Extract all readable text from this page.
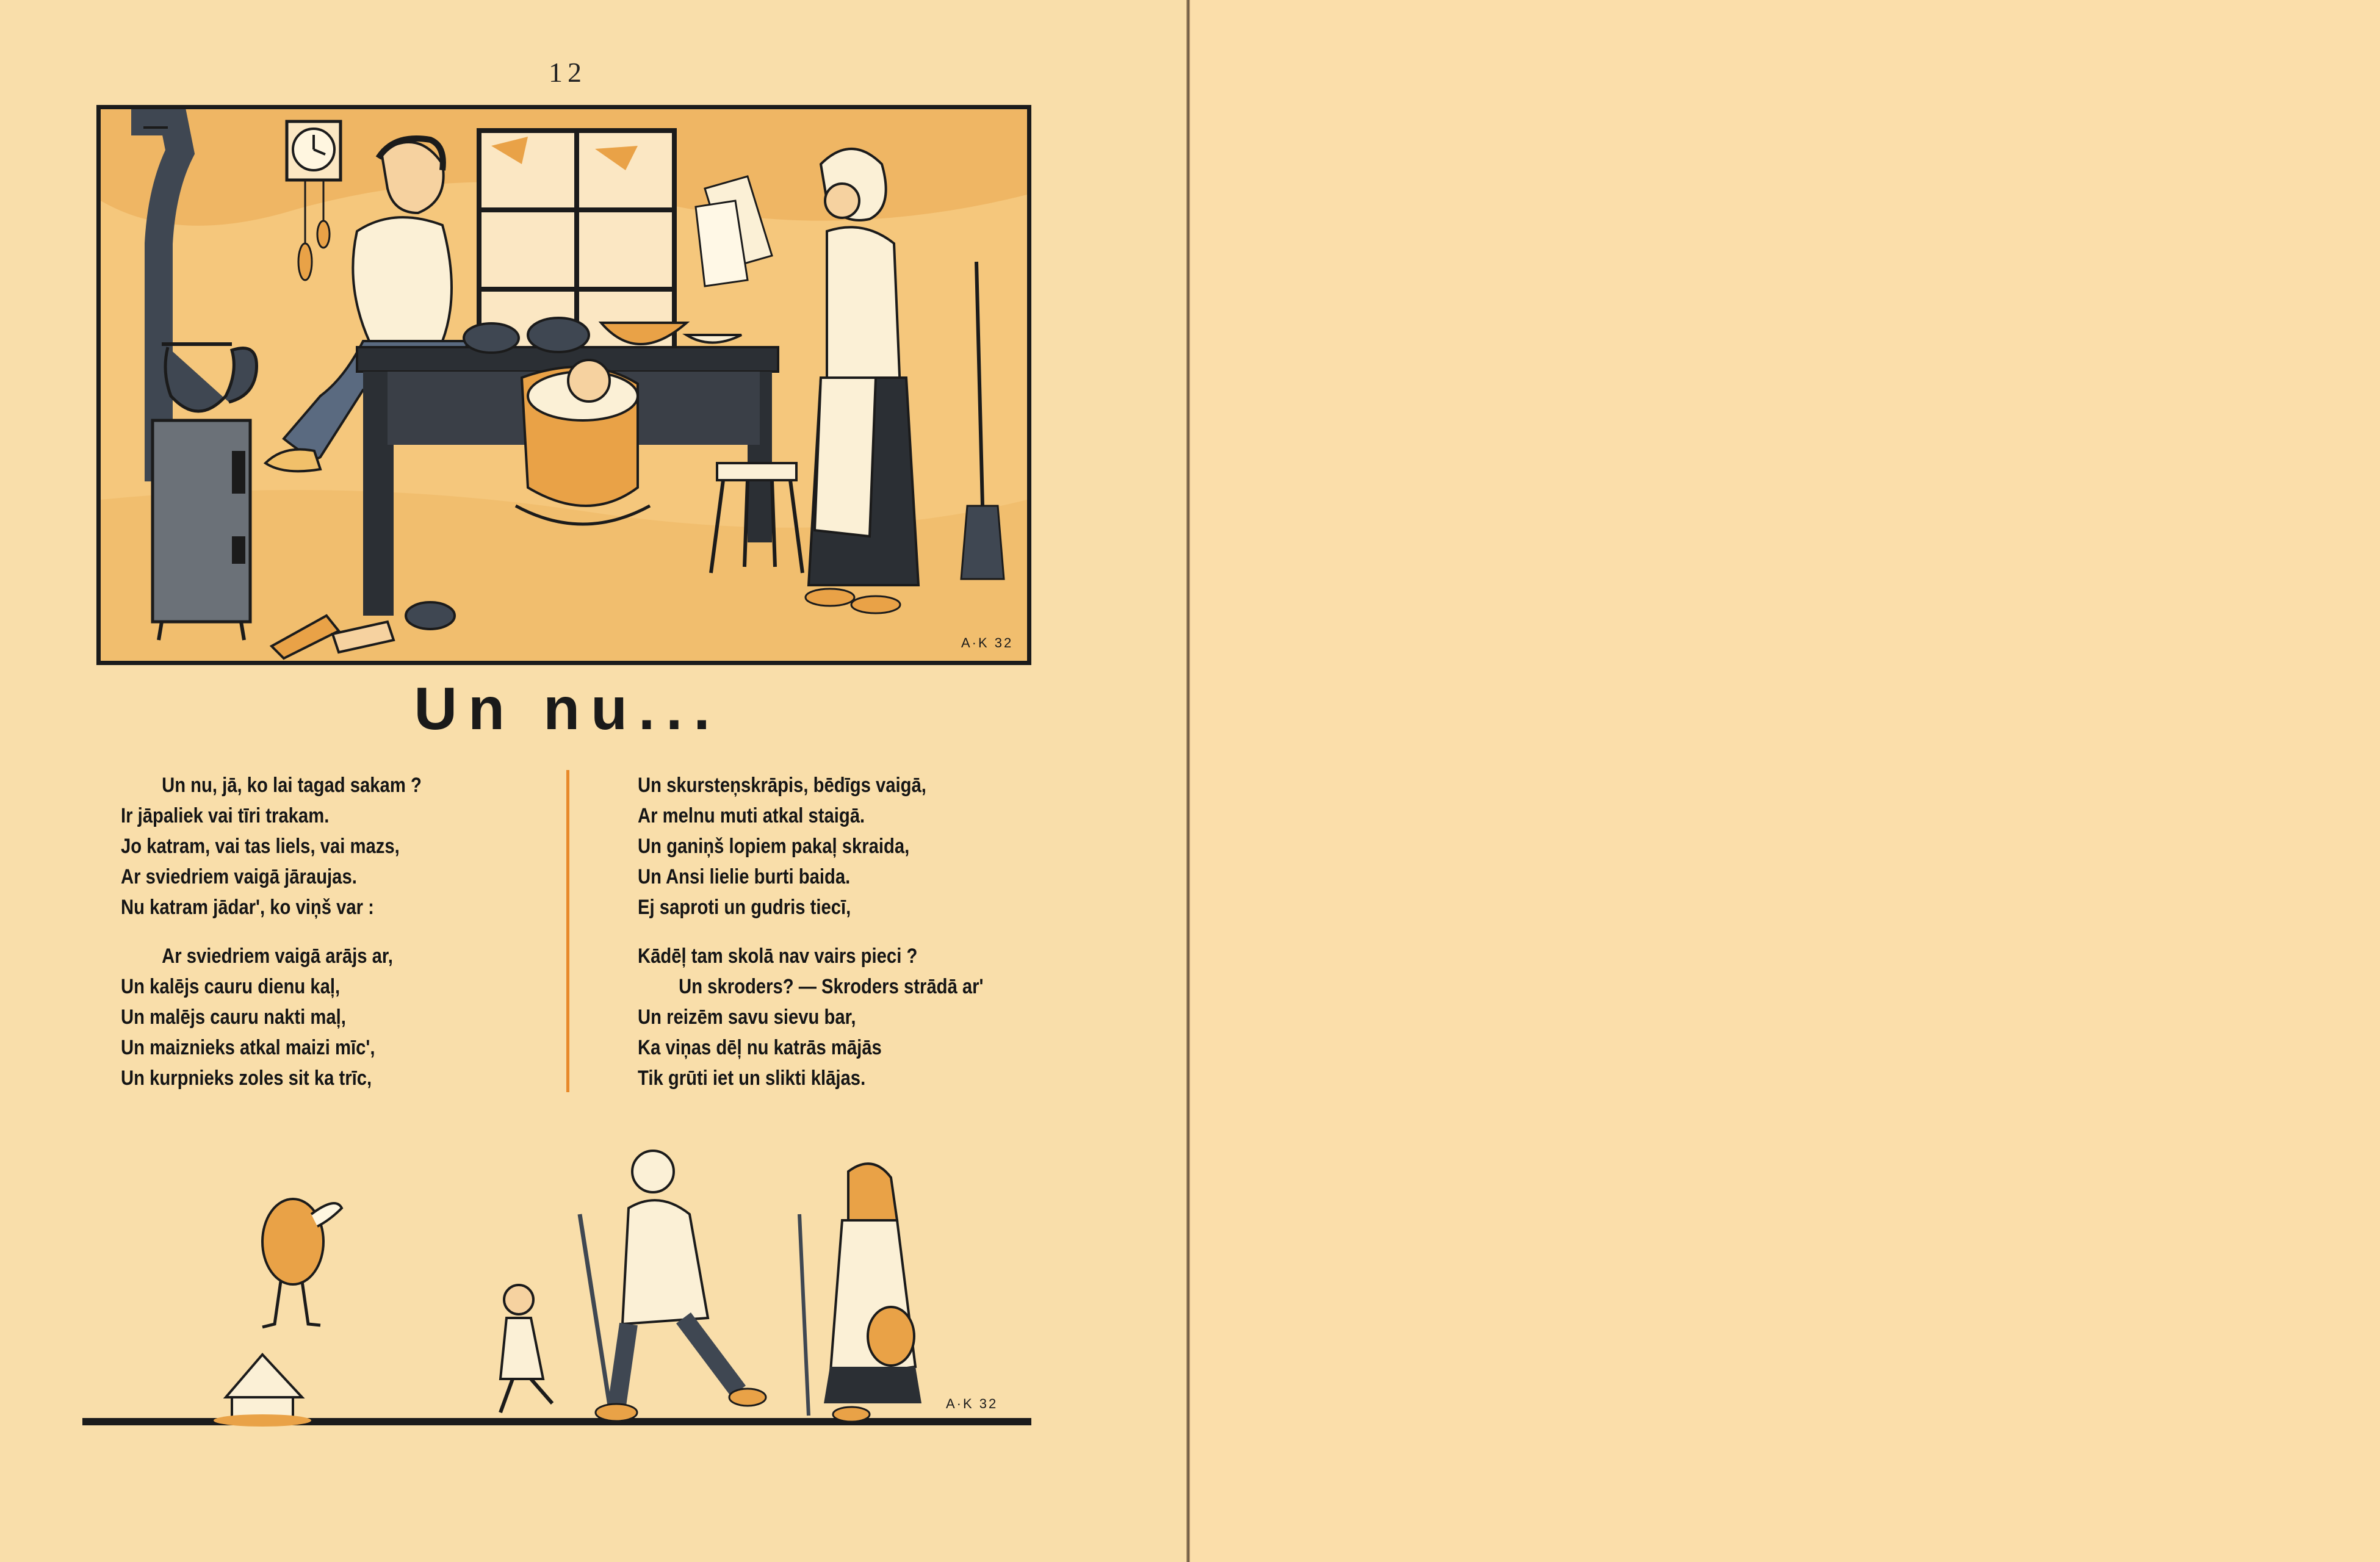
12
A·K 32
Un nu...
Un nu, jā, ko lai tagad sakam ?
Ir jāpaliek vai tīri trakam.
Jo katram, vai tas liels, vai mazs,
Ar sviedriem vaigā jāraujas.
Nu katram jādar', ko viņš var :
Ar sviedriem vaigā arājs ar,
Un kalējs cauru dienu kaļ,
Un malējs cauru nakti maļ,
Un maiznieks atkal maizi mīc',
Un kurpnieks zoles sit ka trīc,
Un skursteņskrāpis, bēdīgs vaigā,
Ar melnu muti atkal staigā.
Un ganiņš lopiem pakaļ skraida,
Un Ansi lielie burti baida.
Ej saproti un gudris tiecī,
Kādēļ tam skolā nav vairs pieci ?
Un skroders? — Skroders strādā ar'
Un reizēm savu sievu bar,
Ka viņas dēļ nu katrās mājās
Tik grūti iet un slikti klājas.
A·K 32
